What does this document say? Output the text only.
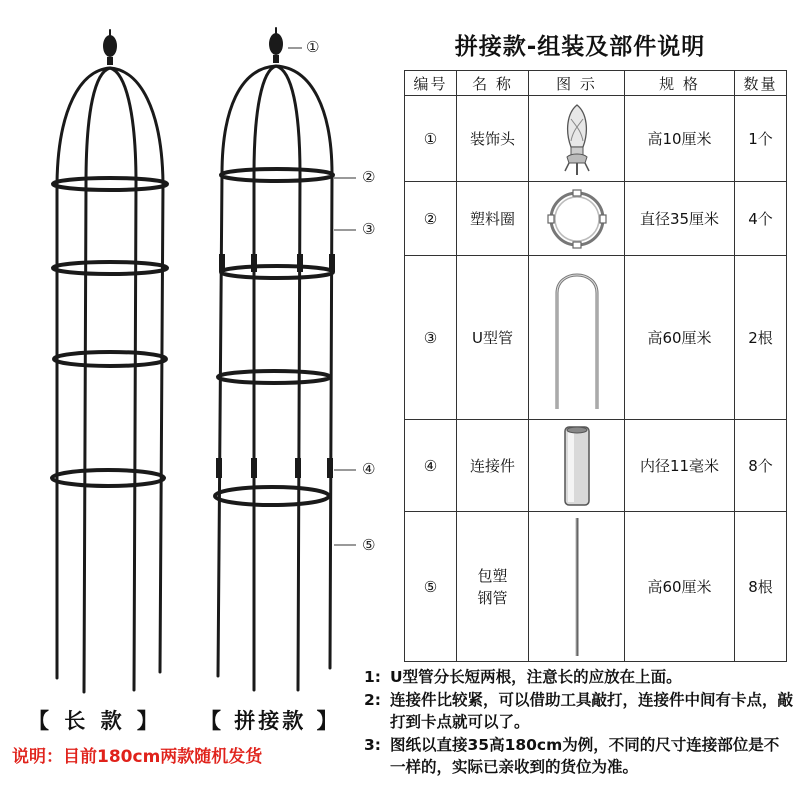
①
②
③
④
⑤
【 长 款 】 【 拼接款 】
说明：目前180cm两款随机发货
拼接款-组装及部件说明
编号	名 称	图 示	规 格	数量
①	装饰头		高10厘米	1个
②	塑料圈		直径35厘米	4个
③	U型管		高60厘米	2根
④	连接件		内径11毫米	8个
⑤	包塑
钢管		高60厘米	8根
1: U型管分长短两根，注意长的应放在上面。
2: 连接件比较紧，可以借助工具敲打，连接件中间有卡点，敲打到卡点就可以了。
3: 图纸以直接35高180cm为例，不同的尺寸连接部位是不一样的，实际已亲收到的货位为准。
